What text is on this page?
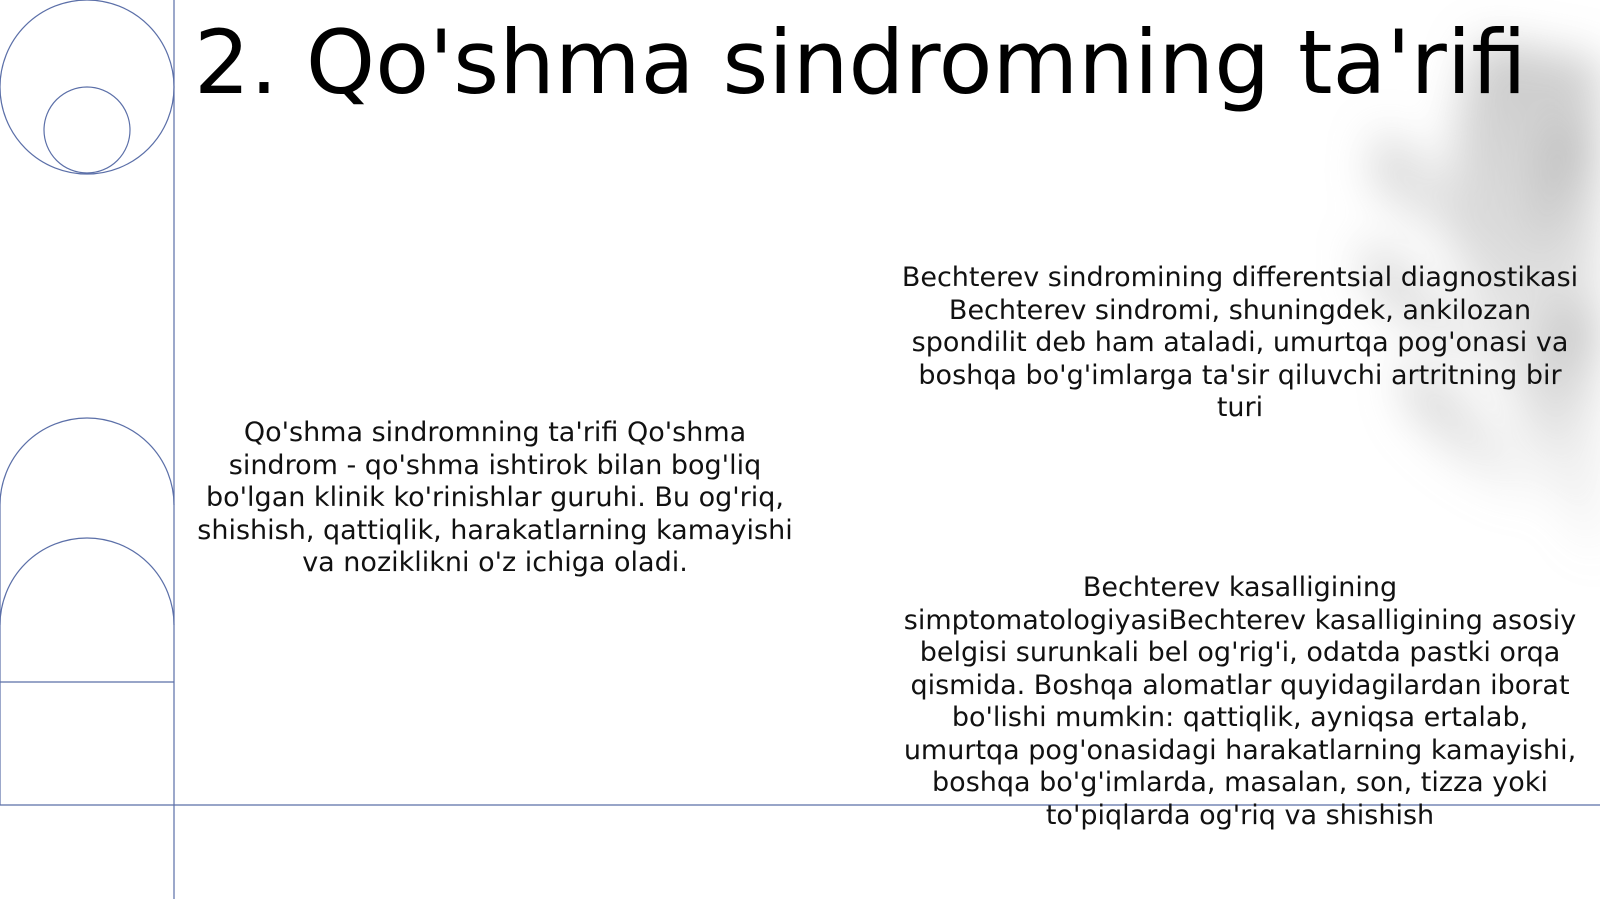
2. Qo'shma sindromning ta'rifi

Qo'shma sindromning ta'rifi Qo'shma sindrom - qo'shma ishtirok bilan bog'liq bo'lgan klinik ko'rinishlar guruhi. Bu og'riq, shishish, qattiqlik, harakatlarning kamayishi va noziklikni o'z ichiga oladi.

Bechterev sindromining differentsial diagnostikasi Bechterev sindromi, shuningdek, ankilozan spondilit deb ham ataladi, umurtqa pog'onasi va boshqa bo'g'imlarga ta'sir qiluvchi artritning bir turi

Bechterev kasalligining simptomatologiyasiBechterev kasalligining asosiy belgisi surunkali bel og'rig'i, odatda pastki orqa qismida. Boshqa alomatlar quyidagilardan iborat bo'lishi mumkin: qattiqlik, ayniqsa ertalab, umurtqa pog'onasidagi harakatlarning kamayishi, boshqa bo'g'imlarda, masalan, son, tizza yoki to'piqlarda og'riq va shishish
